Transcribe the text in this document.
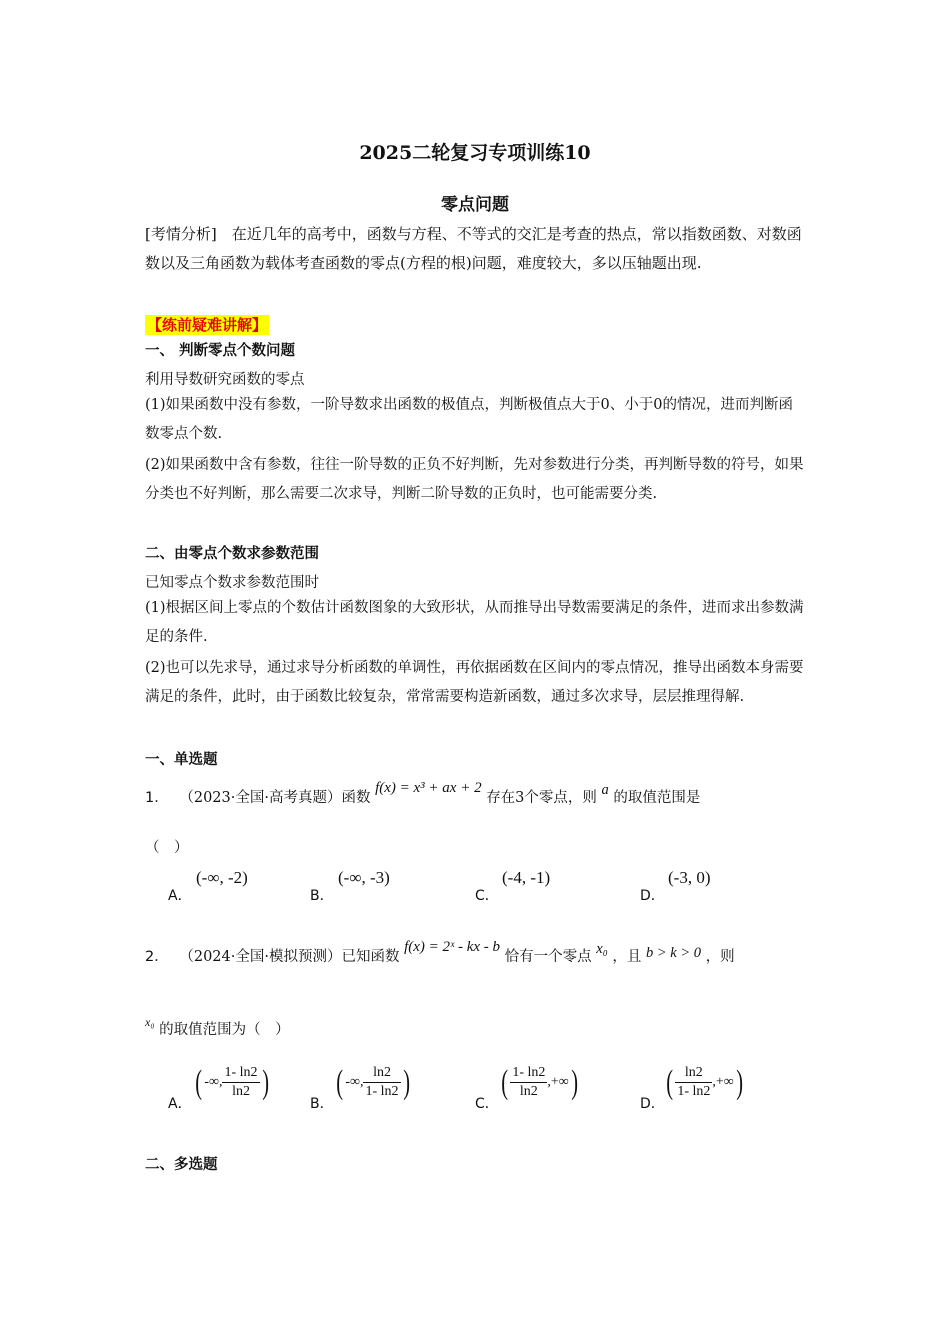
2025二轮复习专项训练10
零点问题
[考情分析]　在近几年的高考中，函数与方程、不等式的交汇是考查的热点，常以指数函数、对数函数以及三角函数为载体考查函数的零点(方程的根)问题，难度较大，多以压轴题出现.
【练前疑难讲解】
一、 判断零点个数问题
利用导数研究函数的零点
(1)如果函数中没有参数，一阶导数求出函数的极值点，判断极值点大于0、小于0的情况，进而判断函数零点个数.
(2)如果函数中含有参数，往往一阶导数的正负不好判断，先对参数进行分类，再判断导数的符号，如果分类也不好判断，那么需要二次求导，判断二阶导数的正负时，也可能需要分类.
二、由零点个数求参数范围
已知零点个数求参数范围时
(1)根据区间上零点的个数估计函数图象的大致形状，从而推导出导数需要满足的条件，进而求出参数满足的条件.
(2)也可以先求导，通过求导分析函数的单调性，再依据函数在区间内的零点情况，推导出函数本身需要满足的条件，此时，由于函数比较复杂，常常需要构造新函数，通过多次求导，层层推理得解.
一、单选题
1． （2023·全国·高考真题）函数 f(x) = x³ + ax + 2 存在3个零点，则 a 的取值范围是
（　）
A．
(-∞, -2)
B．
(-∞, -3)
C．
(-4, -1)
D．
(-3, 0)
2． （2024·全国·模拟预测）已知函数 f(x) = 2ˣ - kx - b 恰有一个零点 x₀ ，且 b > k > 0 ，则
$^{x_0}$ 的取值范围为（　）
A．
( -∞, $\frac{1- \ln 2}{\ln 2}$ )
B．
( -∞, $\frac{\ln 2}{1- \ln 2}$ )
C．
( $\frac{1- \ln 2}{\ln 2}$ ,+∞)
D．
( $\frac{\ln 2}{1- \ln 2}$ ,+∞)
二、多选题
